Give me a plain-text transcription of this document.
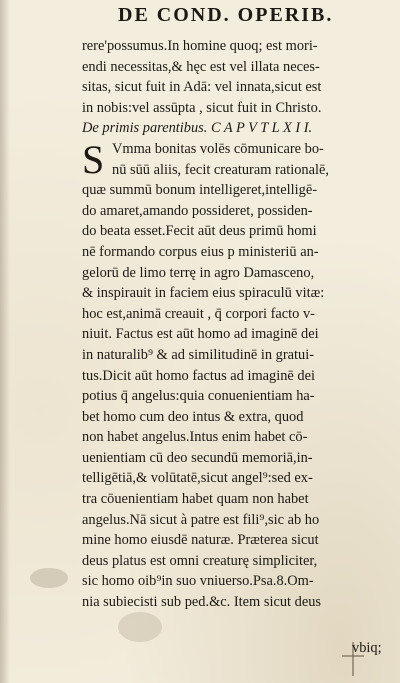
DE COND. OPERIB.
S
rere'possumus.In homine quoq; est mori-
endi necessitas,& hęc est vel illata neces-
sitas, sicut fuit in Adā: vel innata,sicut est
in nobis:vel assūpta , sicut fuit in Christo.
De primis parentibus. C A P V T L X I I.
Vmma bonitas volēs cōmunicare bo-
nū sūū aliis, fecit creaturam rationalē,
quæ summū bonum intelligeret,intelligē-
do amaret,amando possideret, possiden-
do beata esset.Fecit aūt deus primū homi
nē formando corpus eius p ministeriū an-
gelorū de limo terrę in agro Damasceno,
& inspirauit in faciem eius spiraculū vitæ:
hoc est,animā creauit , q̄ corpori facto v-
niuit. Factus est aūt homo ad imaginē dei
in naturalib⁹ & ad similitudinē in gratui-
tus.Dicit aūt homo factus ad imaginē dei
potius q̄ angelus:quia conuenientiam ha-
bet homo cum deo intus & extra, quod
non habet angelus.Intus enim habet cō-
uenientiam cū deo secundū memoriā,in-
telligētiā,& volūtatē,sicut angel⁹:sed ex-
tra cōuenientiam habet quam non habet
angelus.Nā sicut à patre est fili⁹,sic ab ho
mine homo eiusdē naturæ. Præterea sicut
deus platus est omni creaturę simpliciter,
sic homo oib⁹in suo vniuerso.Psa.8.Om-
nia subiecisti sub ped.&c. Item sicut deus
vbiq;
